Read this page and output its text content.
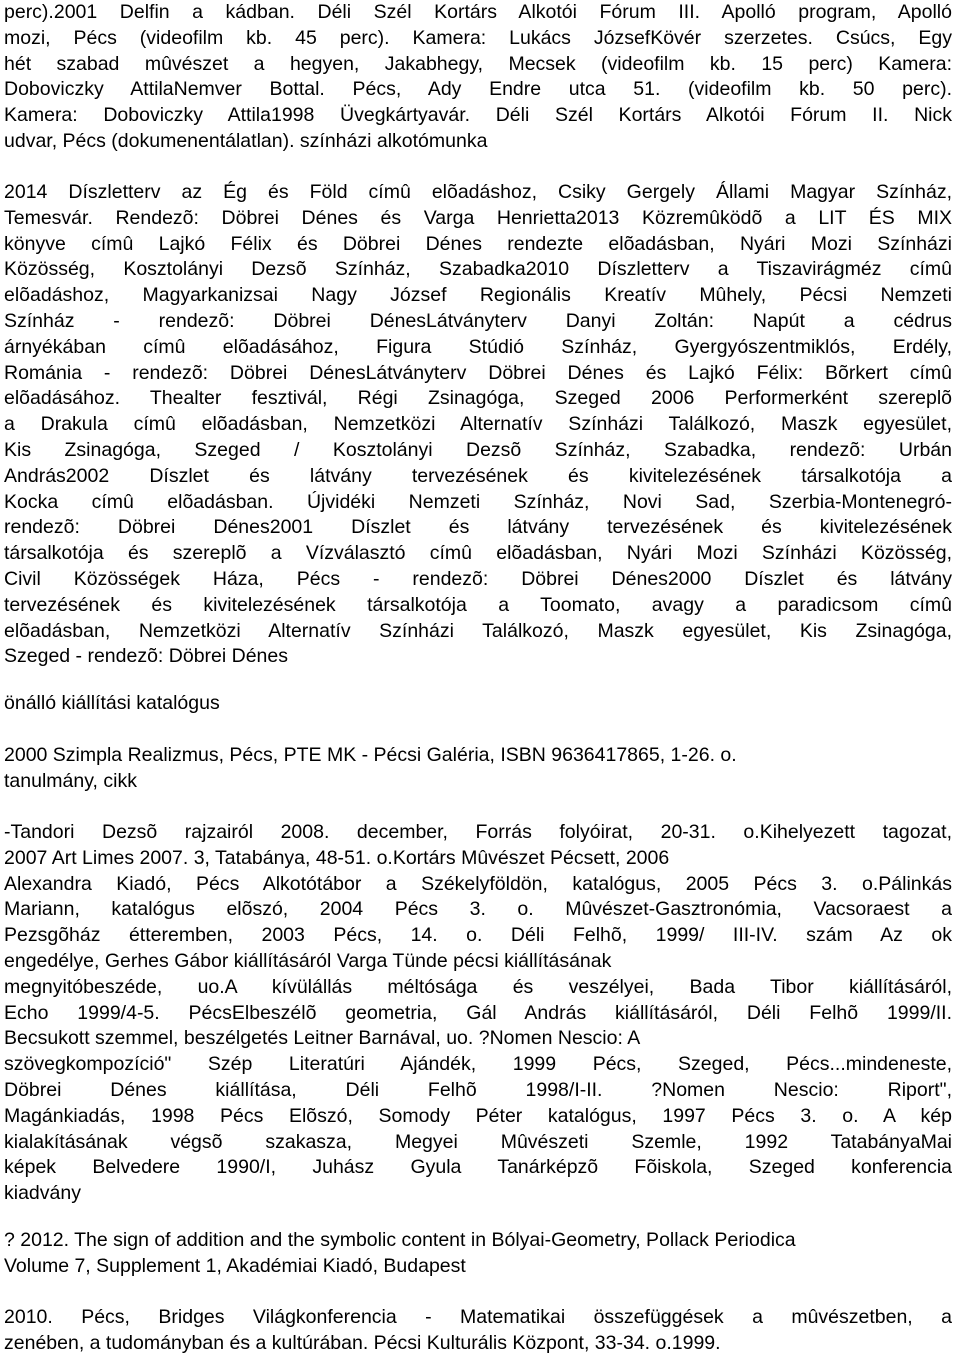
perc).2001 Delfin a kádban. Déli Szél Kortárs Alkotói Fórum III. Apolló program, Apolló
mozi, Pécs (videofilm kb. 45 perc). Kamera: Lukács JózsefKövér szerzetes. Csúcs, Egy
hét szabad mûvészet a hegyen, Jakabhegy, Mecsek (videofilm kb. 15 perc) Kamera:
Doboviczky AttilaNemver Bottal. Pécs, Ady Endre utca 51. (videofilm kb. 50 perc).
Kamera: Doboviczky Attila1998 Üvegkártyavár. Déli Szél Kortárs Alkotói Fórum II. Nick
udvar, Pécs (dokumenentálatlan). színházi alkotómunka
2014 Díszletterv az Ég és Föld címû elõadáshoz, Csiky Gergely Állami Magyar Színház,
Temesvár. Rendezõ: Döbrei Dénes és Varga Henrietta2013 Közremûködõ a LIT ÉS MIX
könyve címû Lajkó Félix és Döbrei Dénes rendezte elõadásban, Nyári Mozi Színházi
Közösség, Kosztolányi Dezsõ Színház, Szabadka2010 Díszletterv a Tiszavirágméz címû
elõadáshoz, Magyarkanizsai Nagy József Regionális Kreatív Mûhely, Pécsi Nemzeti
Színház - rendezõ: Döbrei DénesLátványterv Danyi Zoltán: Napút a cédrus
árnyékában címû elõadásához, Figura Stúdió Színház, Gyergyószentmiklós, Erdély,
Románia - rendezõ: Döbrei DénesLátványterv Döbrei Dénes és Lajkó Félix: Bõrkert címû
elõadásához. Thealter fesztivál, Régi Zsinagóga, Szeged 2006 Performerként szereplõ
a Drakula címû elõadásban, Nemzetközi Alternatív Színházi Találkozó, Maszk egyesület,
Kis Zsinagóga, Szeged / Kosztolányi Dezsõ Színház, Szabadka, rendezõ: Urbán
András2002 Díszlet és látvány tervezésének és kivitelezésének társalkotója a
Kocka címû elõadásban. Újvidéki Nemzeti Színház, Novi Sad, Szerbia-Montenegró-
rendezõ: Döbrei Dénes2001 Díszlet és látvány tervezésének és kivitelezésének
társalkotója és szereplõ a Vízválasztó címû elõadásban, Nyári Mozi Színházi Közösség,
Civil Közösségek Háza, Pécs - rendezõ: Döbrei Dénes2000 Díszlet és látvány
tervezésének és kivitelezésének társalkotója a Toomato, avagy a paradicsom címû
elõadásban, Nemzetközi Alternatív Színházi Találkozó, Maszk egyesület, Kis Zsinagóga,
Szeged - rendezõ: Döbrei Dénes
önálló kiállítási katalógus
2000 Szimpla Realizmus, Pécs, PTE MK - Pécsi Galéria, ISBN 9636417865, 1-26. o.
tanulmány, cikk
-Tandori Dezsõ rajzairól 2008. december, Forrás folyóirat, 20-31. o.Kihelyezett tagozat,
2007 Art Limes 2007. 3, Tatabánya, 48-51. o.Kortárs Mûvészet Pécsett, 2006
Alexandra Kiadó, Pécs Alkotótábor a Székelyföldön, katalógus, 2005 Pécs 3. o.Pálinkás
Mariann, katalógus elõszó, 2004 Pécs 3. o. Mûvészet-Gasztronómia, Vacsoraest a
Pezsgõház étteremben, 2003 Pécs, 14. o. Déli Felhõ, 1999/ III-IV. szám Az ok
engedélye, Gerhes Gábor kiállításáról Varga Tünde pécsi kiállításának
megnyitóbeszéde, uo.A kívülállás méltósága és veszélyei, Bada Tibor kiállításáról,
Echo 1999/4-5. PécsElbeszélõ geometria, Gál András kiállításáról, Déli Felhõ 1999/II.
Becsukott szemmel, beszélgetés Leitner Barnával, uo. ?Nomen Nescio: A
szövegkompozíció" Szép Literatúri Ajándék, 1999 Pécs, Szeged, Pécs...mindeneste,
Döbrei Dénes kiállítása, Déli Felhõ 1998/I-II. ?Nomen Nescio: Riport",
Magánkiadás, 1998 Pécs Elõszó, Somody Péter katalógus, 1997 Pécs 3. o. A kép
kialakításának végsõ szakasza, Megyei Mûvészeti Szemle, 1992 TatabányaMai
képek Belvedere 1990/I, Juhász Gyula Tanárképzõ Fõiskola, Szeged konferencia
kiadvány
? 2012. The sign of addition and the symbolic content in Bólyai-Geometry, Pollack Periodica
Volume 7, Supplement 1, Akadémiai Kiadó, Budapest
2010. Pécs, Bridges Világkonferencia - Matematikai összefüggések a mûvészetben, a
zenében, a tudományban és a kultúrában. Pécsi Kulturális Központ, 33-34. o.1999.
